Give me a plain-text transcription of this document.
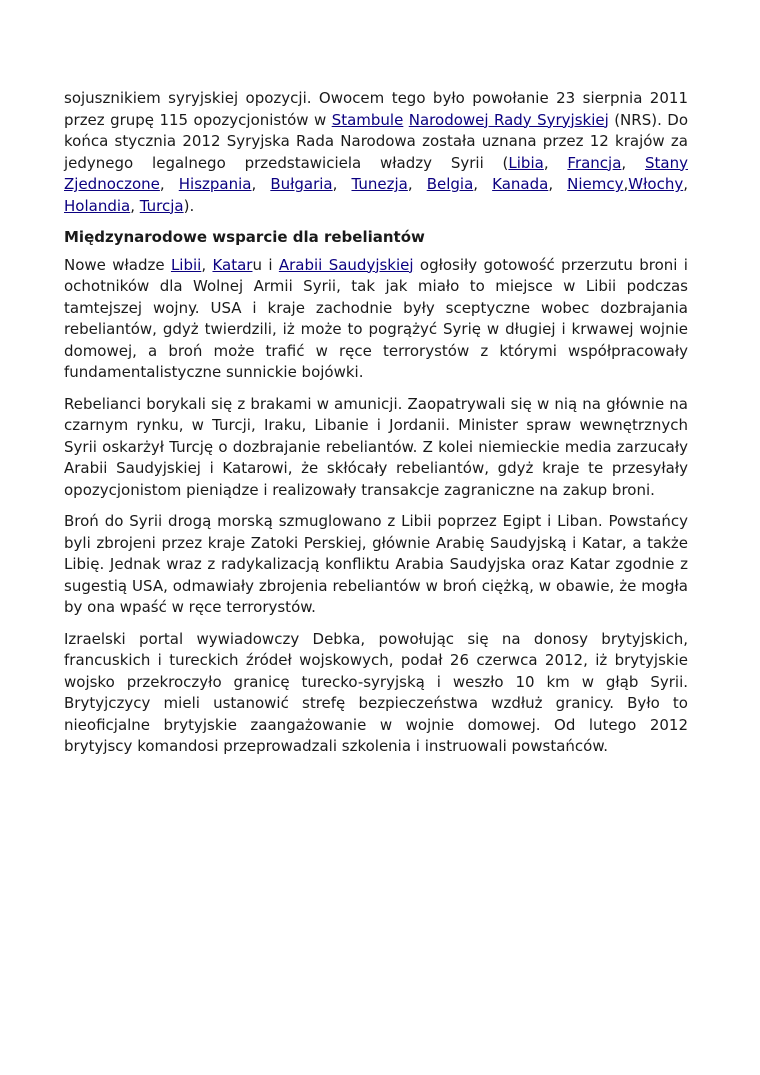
sojusznikiem syryjskiej opozycji. Owocem tego było powołanie 23 sierpnia 2011 przez grupę 115 opozycjonistów w Stambule Narodowej Rady Syryjskiej (NRS). Do końca stycznia 2012 Syryjska Rada Narodowa została uznana przez 12 krajów za jedynego legalnego przedstawiciela władzy Syrii (Libia, Francja, Stany Zjednoczone, Hiszpania, Bułgaria, Tunezja, Belgia, Kanada, Niemcy,Włochy, Holandia, Turcja).

Międzynarodowe wsparcie dla rebeliantów

Nowe władze Libii, Kataru i Arabii Saudyjskiej ogłosiły gotowość przerzutu broni i ochotników dla Wolnej Armii Syrii, tak jak miało to miejsce w Libii podczas tamtejszej wojny. USA i kraje zachodnie były sceptyczne wobec dozbrajania rebeliantów, gdyż twierdzili, iż może to pogrążyć Syrię w długiej i krwawej wojnie domowej, a broń może trafić w ręce terrorystów z którymi współpracowały fundamentalistyczne sunnickie bojówki.

Rebelianci borykali się z brakami w amunicji. Zaopatrywali się w nią na głównie na czarnym rynku, w Turcji, Iraku, Libanie i Jordanii. Minister spraw wewnętrznych Syrii oskarżył Turcję o dozbrajanie rebeliantów. Z kolei niemieckie media zarzucały Arabii Saudyjskiej i Katarowi, że skłócały rebeliantów, gdyż kraje te przesyłały opozycjonistom pieniądze i realizowały transakcje zagraniczne na zakup broni.

Broń do Syrii drogą morską szmuglowano z Libii poprzez Egipt i Liban. Powstańcy byli zbrojeni przez kraje Zatoki Perskiej, głównie Arabię Saudyjską i Katar, a także Libię. Jednak wraz z radykalizacją konfliktu Arabia Saudyjska oraz Katar zgodnie z sugestią USA, odmawiały zbrojenia rebeliantów w broń ciężką, w obawie, że mogła by ona wpaść w ręce terrorystów.

Izraelski portal wywiadowczy Debka, powołując się na donosy brytyjskich, francuskich i tureckich źródeł wojskowych, podał 26 czerwca 2012, iż brytyjskie wojsko przekroczyło granicę turecko-syryjską i weszło 10 km w głąb Syrii. Brytyjczycy mieli ustanowić strefę bezpieczeństwa wzdłuż granicy. Było to nieoficjalne brytyjskie zaangażowanie w wojnie domowej. Od lutego 2012 brytyjscy komandosi przeprowadzali szkolenia i instruowali powstańców.
